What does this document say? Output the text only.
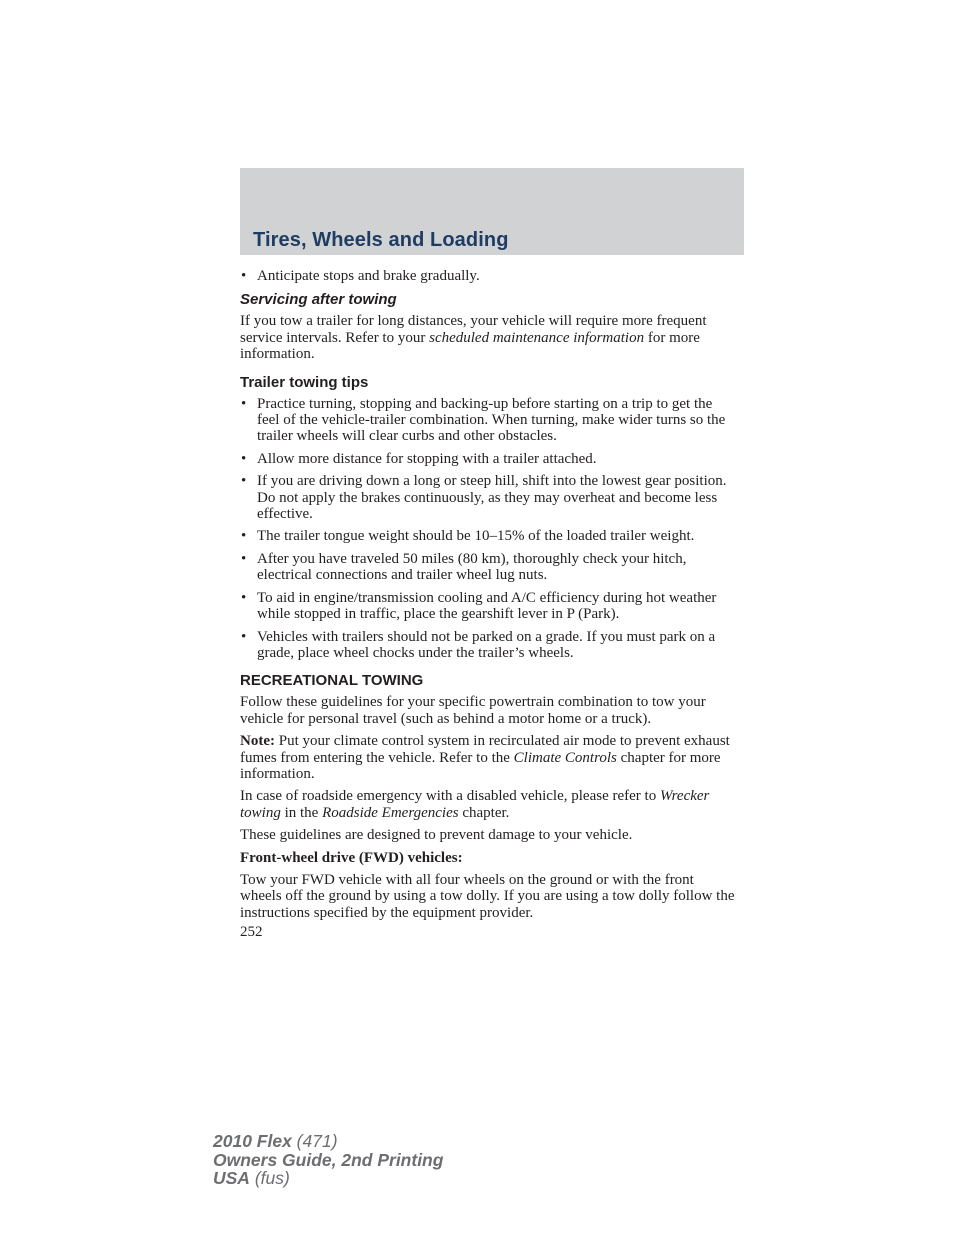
Tires, Wheels and Loading
• Anticipate stops and brake gradually.
Servicing after towing

If you tow a trailer for long distances, your vehicle will require more frequent service intervals. Refer to your scheduled maintenance information for more information.

Trailer towing tips
• Practice turning, stopping and backing-up before starting on a trip to get the feel of the vehicle-trailer combination. When turning, make wider turns so the trailer wheels will clear curbs and other obstacles.
• Allow more distance for stopping with a trailer attached.
• If you are driving down a long or steep hill, shift into the lowest gear position. Do not apply the brakes continuously, as they may overheat and become less effective.
• The trailer tongue weight should be 10–15% of the loaded trailer weight.
• After you have traveled 50 miles (80 km), thoroughly check your hitch, electrical connections and trailer wheel lug nuts.
• To aid in engine/transmission cooling and A/C efficiency during hot weather while stopped in traffic, place the gearshift lever in P (Park).
• Vehicles with trailers should not be parked on a grade. If you must park on a grade, place wheel chocks under the trailer’s wheels.
RECREATIONAL TOWING

Follow these guidelines for your specific powertrain combination to tow your vehicle for personal travel (such as behind a motor home or a truck).

Note: Put your climate control system in recirculated air mode to prevent exhaust fumes from entering the vehicle. Refer to the Climate Controls chapter for more information.

In case of roadside emergency with a disabled vehicle, please refer to Wrecker towing in the Roadside Emergencies chapter.

These guidelines are designed to prevent damage to your vehicle.

Front-wheel drive (FWD) vehicles:

Tow your FWD vehicle with all four wheels on the ground or with the front wheels off the ground by using a tow dolly. If you are using a tow dolly follow the instructions specified by the equipment provider.

252
2010 Flex (471)
Owners Guide, 2nd Printing
USA (fus)
